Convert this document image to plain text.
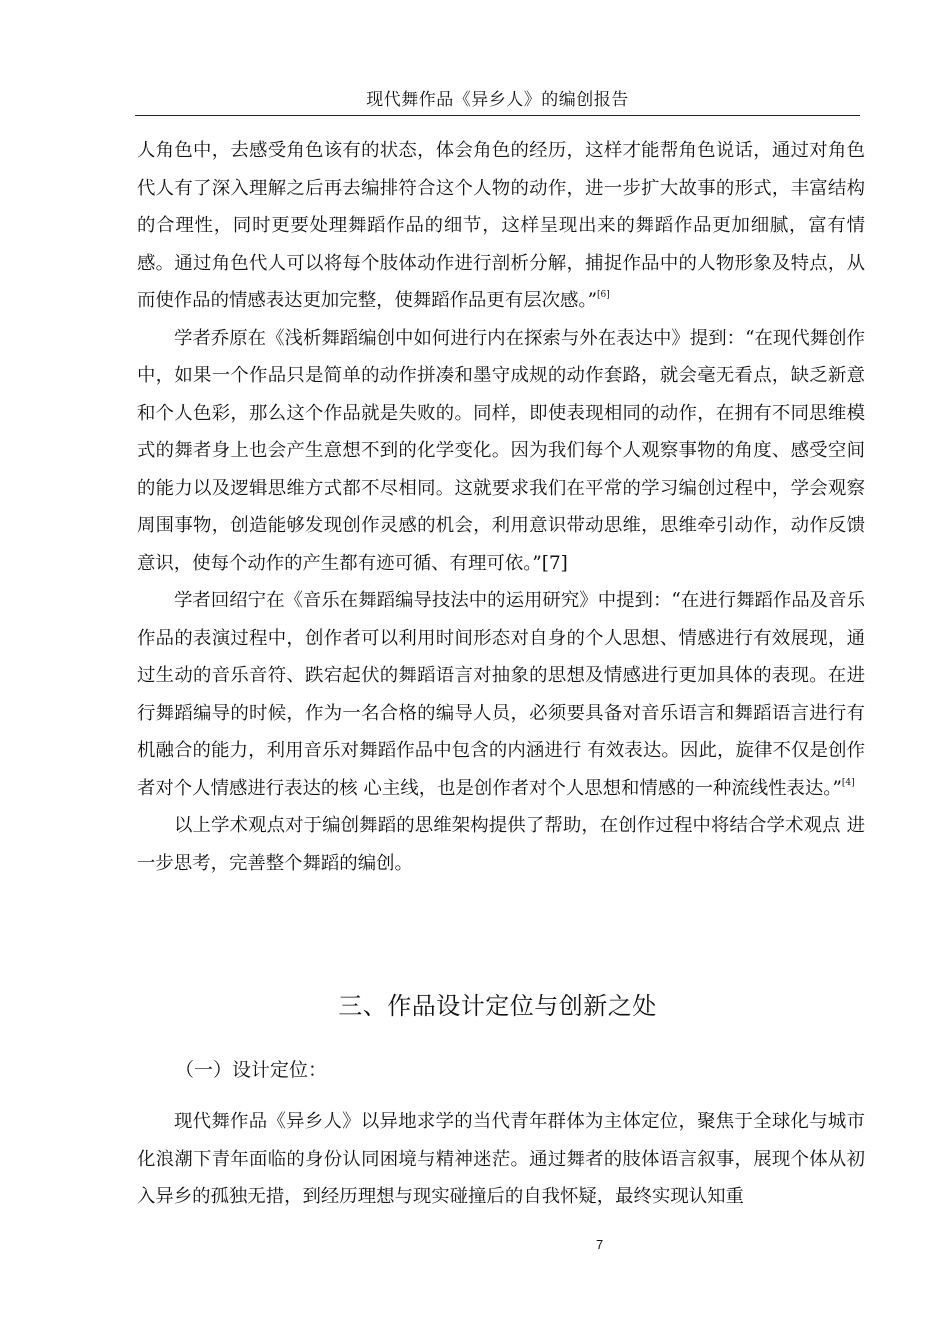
现代舞作品《异乡人》的编创报告

人角色中，去感受角色该有的状态，体会角色的经历，这样才能帮角色说话，通过对角色代人有了深入理解之后再去编排符合这个人物的动作，进一步扩大故事的形式，丰富结构的合理性，同时更要处理舞蹈作品的细节，这样呈现出来的舞蹈作品更加细腻，富有情感。通过角色代人可以将每个肢体动作进行剖析分解，捕捉作品中的人物形象及特点，从而使作品的情感表达更加完整，使舞蹈作品更有层次感。”[6]

学者乔原在《浅析舞蹈编创中如何进行内在探索与外在表达中》提到：“在现代舞创作中，如果一个作品只是简单的动作拼凑和墨守成规的动作套路，就会毫无看点，缺乏新意和个人色彩，那么这个作品就是失败的。同样，即使表现相同的动作，在拥有不同思维模式的舞者身上也会产生意想不到的化学变化。因为我们每个人观察事物的角度、感受空间的能力以及逻辑思维方式都不尽相同。这就要求我们在平常的学习编创过程中，学会观察周围事物，创造能够发现创作灵感的机会，利用意识带动思维，思维牵引动作，动作反馈意识，使每个动作的产生都有迹可循、有理可依。”[7]

学者回绍宁在《音乐在舞蹈编导技法中的运用研究》中提到：“在进行舞蹈作品及音乐作品的表演过程中，创作者可以利用时间形态对自身的个人思想、情感进行有效展现，通过生动的音乐音符、跌宕起伏的舞蹈语言对抽象的思想及情感进行更加具体的表现。在进行舞蹈编导的时候，作为一名合格的编导人员，必须要具备对音乐语言和舞蹈语言进行有机融合的能力，利用音乐对舞蹈作品中包含的内涵进行 有效表达。因此，旋律不仅是创作者对个人情感进行表达的核 心主线，也是创作者对个人思想和情感的一种流线性表达。”[4]

以上学术观点对于编创舞蹈的思维架构提供了帮助，在创作过程中将结合学术观点 进一步思考，完善整个舞蹈的编创。

三、作品设计定位与创新之处
（一）设计定位：

现代舞作品《异乡人》以异地求学的当代青年群体为主体定位，聚焦于全球化与城市化浪潮下青年面临的身份认同困境与精神迷茫。通过舞者的肢体语言叙事，展现个体从初入异乡的孤独无措，到经历理想与现实碰撞后的自我怀疑，最终实现认知重

7
